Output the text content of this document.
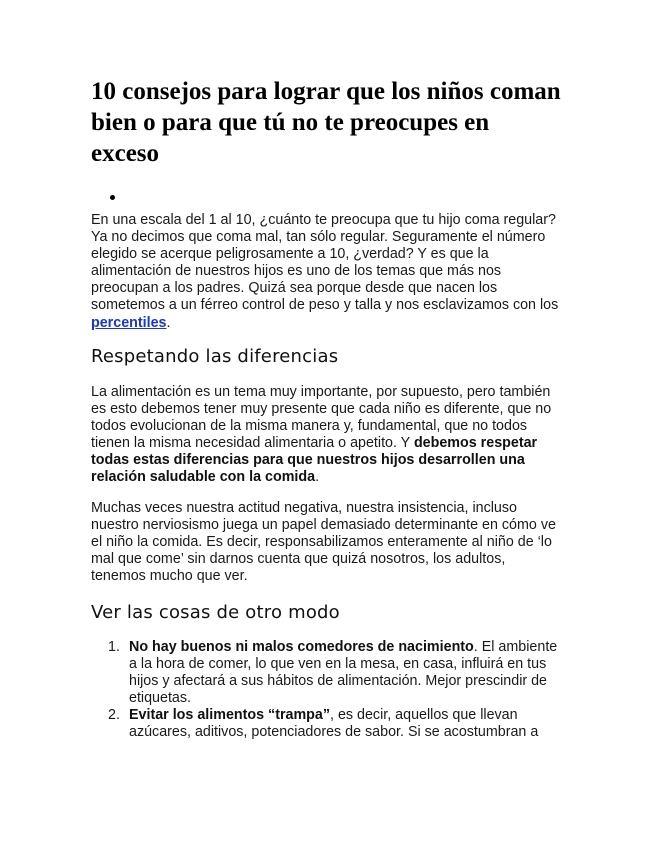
10 consejos para lograr que los niños coman bien o para que tú no te preocupes en exceso

En una escala del 1 al 10, ¿cuánto te preocupa que tu hijo coma regular? Ya no decimos que coma mal, tan sólo regular. Seguramente el número elegido se acerque peligrosamente a 10, ¿verdad? Y es que la alimentación de nuestros hijos es uno de los temas que más nos preocupan a los padres. Quizá sea porque desde que nacen los sometemos a un férreo control de peso y talla y nos esclavizamos con los percentiles.

Respetando las diferencias

La alimentación es un tema muy importante, por supuesto, pero también es esto debemos tener muy presente que cada niño es diferente, que no todos evolucionan de la misma manera y, fundamental, que no todos tienen la misma necesidad alimentaria o apetito. Y debemos respetar todas estas diferencias para que nuestros hijos desarrollen una relación saludable con la comida.

Muchas veces nuestra actitud negativa, nuestra insistencia, incluso nuestro nerviosismo juega un papel demasiado determinante en cómo ve el niño la comida. Es decir, responsabilizamos enteramente al niño de ‘lo mal que come’ sin darnos cuenta que quizá nosotros, los adultos, tenemos mucho que ver.

Ver las cosas de otro modo
1. No hay buenos ni malos comedores de nacimiento. El ambiente a la hora de comer, lo que ven en la mesa, en casa, influirá en tus hijos y afectará a sus hábitos de alimentación. Mejor prescindir de etiquetas.
2. Evitar los alimentos “trampa”, es decir, aquellos que llevan azúcares, aditivos, potenciadores de sabor. Si se acostumbran a
